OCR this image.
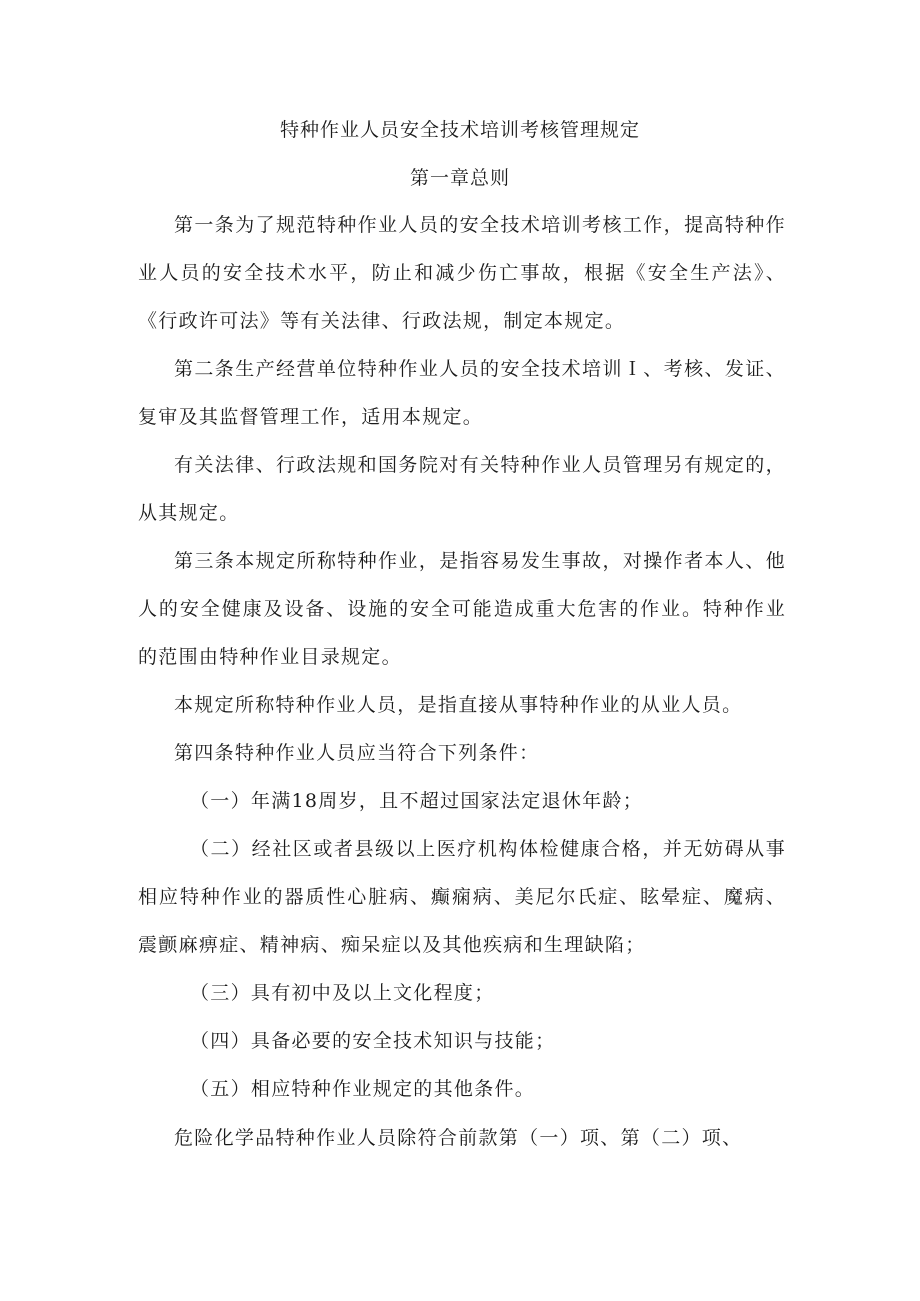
特种作业人员安全技术培训考核管理规定
第一章总则

第一条为了规范特种作业人员的安全技术培训考核工作，提高特种作业人员的安全技术水平，防止和减少伤亡事故，根据《安全生产法》、《行政许可法》等有关法律、行政法规，制定本规定。

第二条生产经营单位特种作业人员的安全技术培训Ｉ、考核、发证、复审及其监督管理工作，适用本规定。

有关法律、行政法规和国务院对有关特种作业人员管理另有规定的，从其规定。

第三条本规定所称特种作业，是指容易发生事故，对操作者本人、他人的安全健康及设备、设施的安全可能造成重大危害的作业。特种作业的范围由特种作业目录规定。

本规定所称特种作业人员，是指直接从事特种作业的从业人员。

第四条特种作业人员应当符合下列条件：

（一）年满18周岁，且不超过国家法定退休年龄；

（二）经社区或者县级以上医疗机构体检健康合格，并无妨碍从事相应特种作业的器质性心脏病、癫痫病、美尼尔氏症、眩晕症、魔病、震颤麻痹症、精神病、痴呆症以及其他疾病和生理缺陷；

（三）具有初中及以上文化程度；

（四）具备必要的安全技术知识与技能；

（五）相应特种作业规定的其他条件。

危险化学品特种作业人员除符合前款第（一）项、第（二）项、
